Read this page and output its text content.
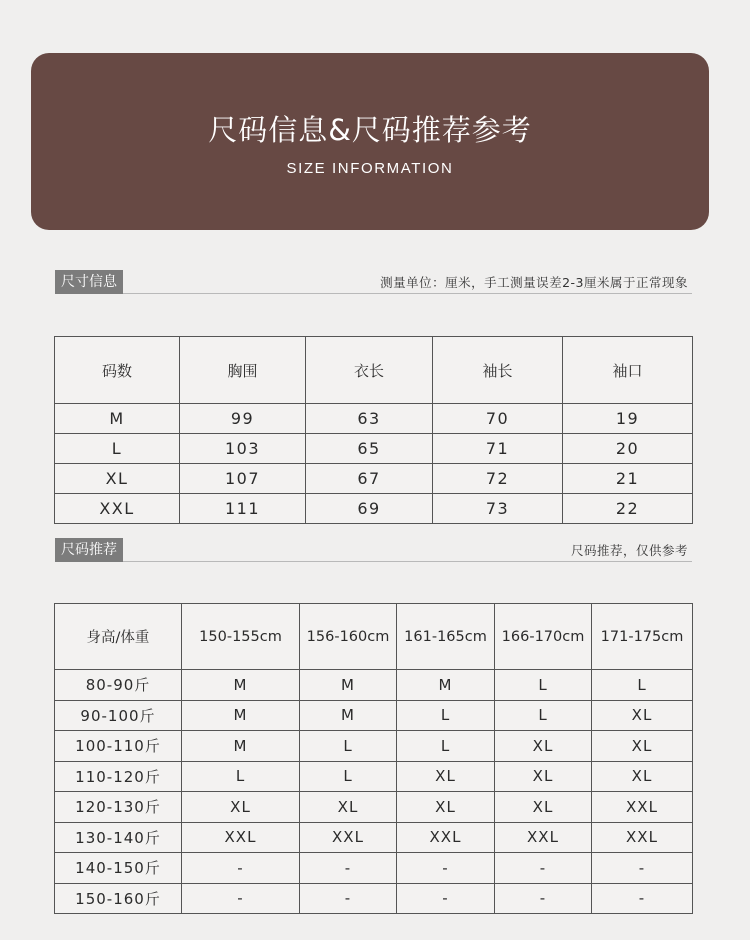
尺码信息&尺码推荐参考
SIZE INFORMATION
尺寸信息	测量单位：厘米，手工测量误差2-3厘米属于正常现象
码数	胸围	衣长	袖长	袖口
M	99	63	70	19
L	103	65	71	20
XL	107	67	72	21
XXL	111	69	73	22
尺码推荐	尺码推荐，仅供参考
身高/体重	150-155cm	156-160cm	161-165cm	166-170cm	171-175cm
80-90斤	M	M	M	L	L
90-100斤	M	M	L	L	XL
100-110斤	M	L	L	XL	XL
110-120斤	L	L	XL	XL	XL
120-130斤	XL	XL	XL	XL	XXL
130-140斤	XXL	XXL	XXL	XXL	XXL
140-150斤	-	-	-	-	-
150-160斤	-	-	-	-	-
